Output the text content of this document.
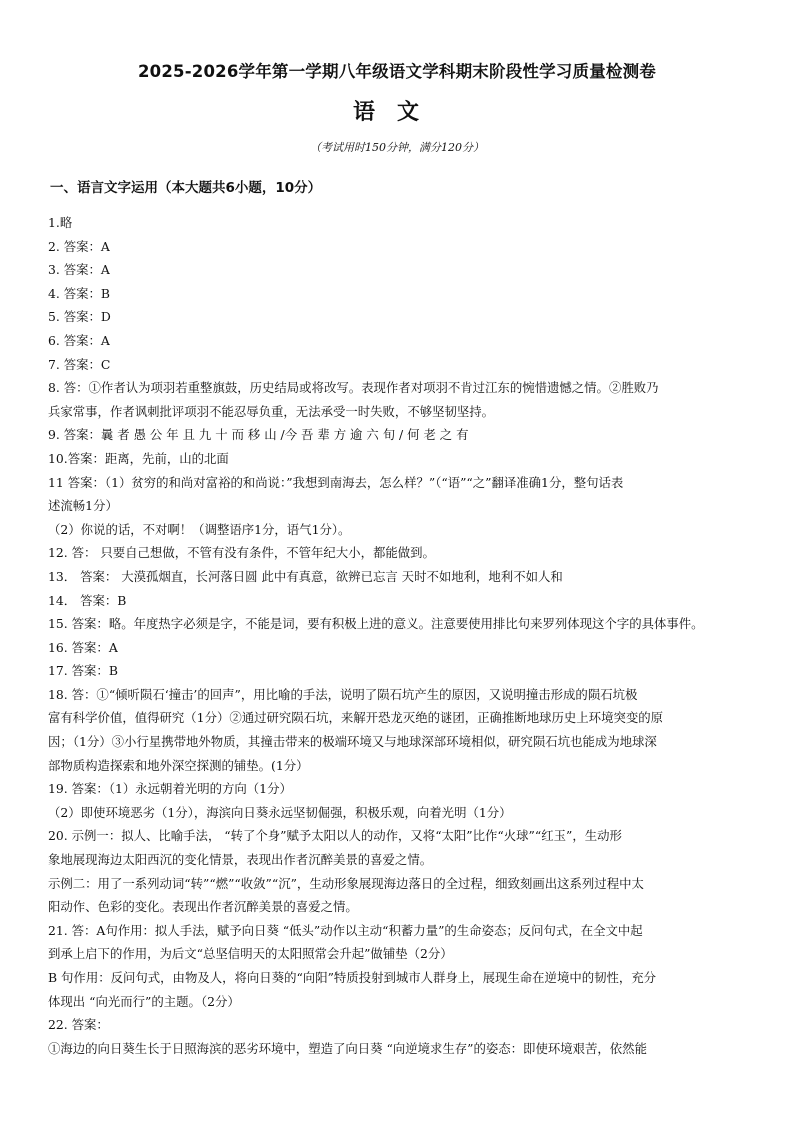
2025-2026学年第一学期八年级语文学科期末阶段性学习质量检测卷
语文
（考试用时150分钟，满分120分）
一、语言文字运用（本大题共6小题，10分）
1.略
2. 答案：A
3. 答案：A
4. 答案：B
5. 答案：D
6. 答案：A
7. 答案：C
8. 答：①作者认为项羽若重整旗鼓，历史结局或将改写。表现作者对项羽不肯过江东的惋惜遗憾之情。②胜败乃
兵家常事，作者讽刺批评项羽不能忍辱负重，无法承受一时失败，不够坚韧坚持。
9. 答案：曩 者 愚 公 年 且 九 十 而 移 山 /今 吾 辈 方 逾 六 旬 / 何 老 之 有
10.答案：距离，先前，山的北面
11 答案：（1）贫穷的和尚对富裕的和尚说：”我想到南海去，怎么样？”（“语”“之”翻译准确1分，整句话表
述流畅1分）
（2）你说的话，不对啊！（调整语序1分，语气1分）。
12. 答： 只要自己想做，不管有没有条件，不管年纪大小，都能做到。
13． 答案： 大漠孤烟直，长河落日圆 此中有真意，欲辨已忘言 天时不如地利，地利不如人和
14． 答案：B
15. 答案：略。年度热字必须是字，不能是词，要有积极上进的意义。注意要使用排比句来罗列体现这个字的具体事件。
16. 答案：A
17. 答案：B
18. 答：①“倾听陨石‘撞击’的回声”，用比喻的手法，说明了陨石坑产生的原因，又说明撞击形成的陨石坑极
富有科学价值，值得研究（1分）②通过研究陨石坑，来解开恐龙灭绝的谜团，正确推断地球历史上环境突变的原
因；（1分）③小行星携带地外物质，其撞击带来的极端环境又与地球深部环境相似，研究陨石坑也能成为地球深
部物质构造探索和地外深空探测的铺垫。(1分）
19. 答案：（1）永远朝着光明的方向（1分）
（2）即使环境恶劣（1分），海滨向日葵永远坚韧倔强，积极乐观，向着光明（1分）
20. 示例一：拟人、比喻手法， “转了个身”赋予太阳以人的动作，又将“太阳”比作“火球”“红玉”，生动形
象地展现海边太阳西沉的变化情景，表现出作者沉醉美景的喜爱之情。
示例二：用了一系列动词“转”“燃”“收敛”“沉”，生动形象展现海边落日的全过程，细致刻画出这系列过程中太
阳动作、色彩的变化。表现出作者沉醉美景的喜爱之情。
21. 答：A句作用：拟人手法，赋予向日葵 “低头”动作以主动“积蓄力量”的生命姿态；反问句式，在全文中起
到承上启下的作用，为后文“总坚信明天的太阳照常会升起”做铺垫（2分）
B 句作用：反问句式，由物及人，将向日葵的“向阳”特质投射到城市人群身上，展现生命在逆境中的韧性，充分
体现出 “向光而行”的主题。（2分）
22. 答案：
①海边的向日葵生长于日照海滨的恶劣环境中，塑造了向日葵 “向逆境求生存”的姿态：即使环境艰苦，依然能
